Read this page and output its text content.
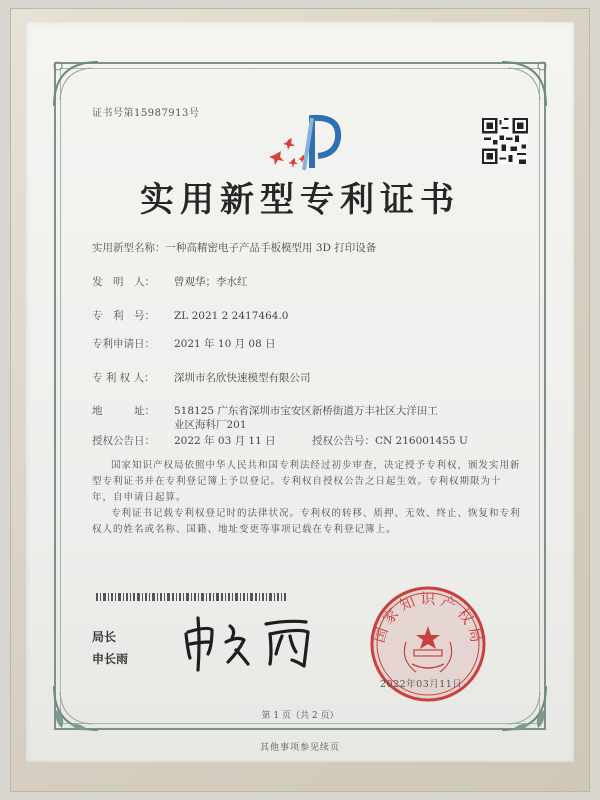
证书号第15987913号
实用新型专利证书
实用新型名称：一种高精密电子产品手板模型用 3D 打印设备
发　明　人： 曾观华；李水红
专　利　号： ZL 2021 2 2417464.0
专利申请日： 2021 年 10 月 08 日
专 利 权 人： 深圳市名欣快速模型有限公司
地　　　址： 518125 广东省深圳市宝安区新桥街道万丰社区大洋田工
业区海科厂201
授权公告日： 2022 年 03 月 11 日	授权公告号：CN 216001455 U
国家知识产权局依照中华人民共和国专利法经过初步审查，决定授予专利权，颁发实用新型专利证书并在专利登记簿上予以登记。专利权自授权公告之日起生效。专利权期限为十年，自申请日起算。
专利证书记载专利权登记时的法律状况。专利权的转移、质押、无效、终止、恢复和专利权人的姓名或名称、国籍、地址变更等事项记载在专利登记簿上。
局长
申长雨
国家知识产权局
2022年03月11日
第 1 页（共 2 页）
其他事项参见续页
